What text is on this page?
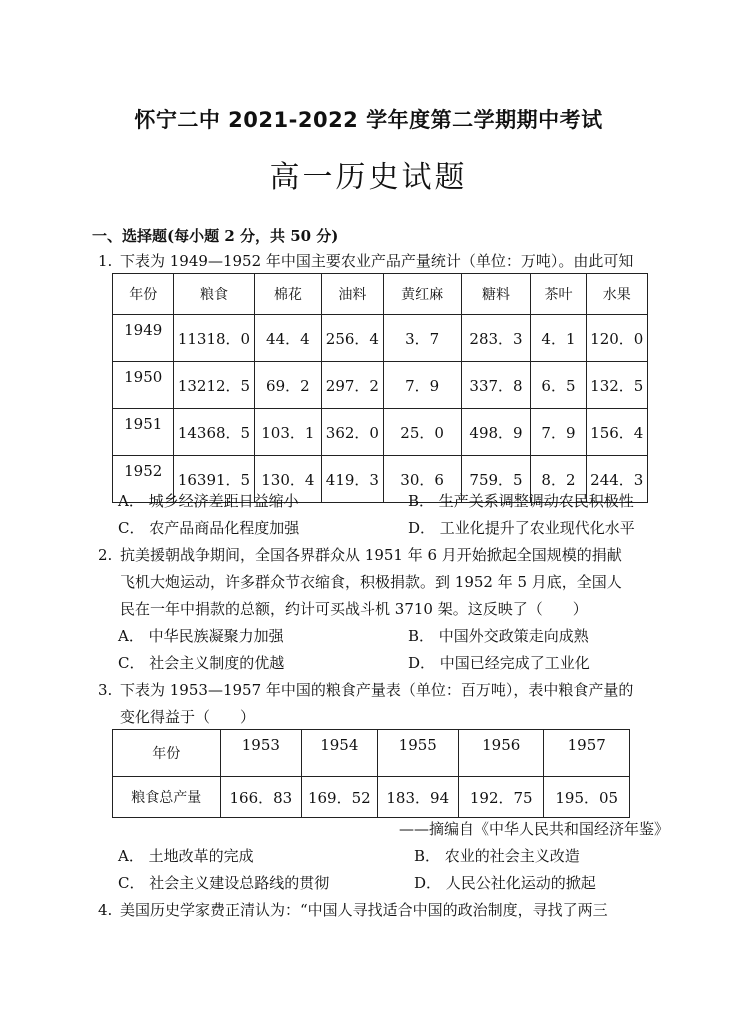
怀宁二中 2021-2022 学年度第二学期期中考试
高一历史试题
一、选择题(每小题 2 分，共 50 分)
1. 下表为 1949—1952 年中国主要农业产品产量统计（单位：万吨）。由此可知
年份	粮食	棉花	油料	黄红麻	糖料	茶叶	水果
1949	11318．0	44．4	256．4	3．7	283．3	4．1	120．0
1950	13212．5	69．2	297．2	7．9	337．8	6．5	132．5
1951	14368．5	103．1	362．0	25．0	498．9	7．9	156．4
1952	16391．5	130．4	419．3	30．6	759．5	8．2	244．3
A． 城乡经济差距日益缩小	B． 生产关系调整调动农民积极性
C． 农产品商品化程度加强	D． 工业化提升了农业现代化水平
2. 抗美援朝战争期间，全国各界群众从 1951 年 6 月开始掀起全国规模的捐献
飞机大炮运动，许多群众节衣缩食，积极捐款。到 1952 年 5 月底，全国人
民在一年中捐款的总额，约计可买战斗机 3710 架。这反映了（　　）
A． 中华民族凝聚力加强	B． 中国外交政策走向成熟
C． 社会主义制度的优越	D． 中国已经完成了工业化
3. 下表为 1953—1957 年中国的粮食产量表（单位：百万吨），表中粮食产量的
变化得益于（　　）
年份	1953	1954	1955	1956	1957
粮食总产量	166．83	169．52	183．94	192．75	195．05
——摘编自《中华人民共和国经济年鉴》
A． 土地改革的完成	B． 农业的社会主义改造
C． 社会主义建设总路线的贯彻	D． 人民公社化运动的掀起
4. 美国历史学家费正清认为：“中国人寻找适合中国的政治制度，寻找了两三
